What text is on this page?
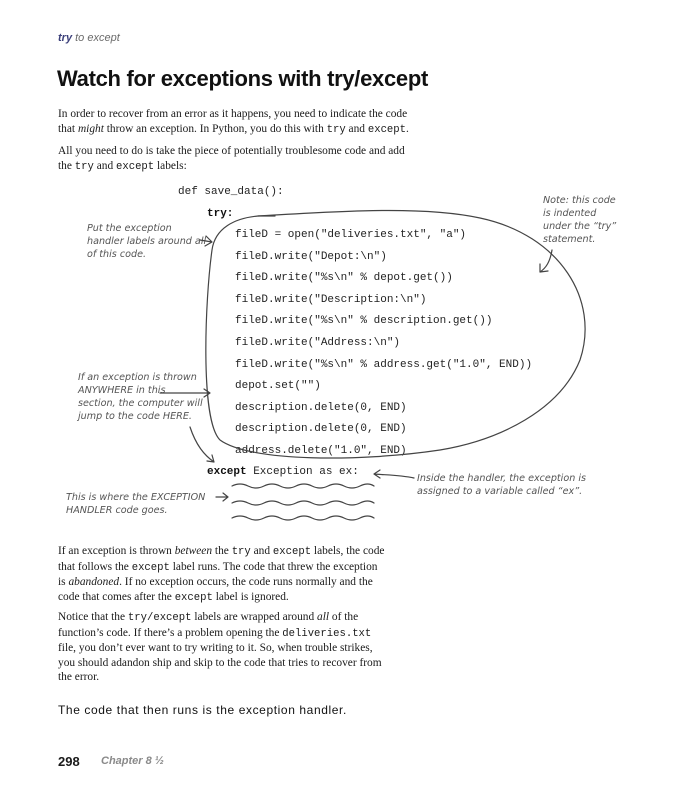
try to except
Watch for exceptions with try/except
In order to recover from an error as it happens, you need to indicate the code
that might throw an exception. In Python, you do this with try and except.
All you need to do is take the piece of potentially troublesome code and add
the try and except labels:
def save_data():
try:
fileD = open("deliveries.txt", "a")
fileD.write("Depot:\n")
fileD.write("%s\n" % depot.get())
fileD.write("Description:\n")
fileD.write("%s\n" % description.get())
fileD.write("Address:\n")
fileD.write("%s\n" % address.get("1.0", END))
depot.set("")
description.delete(0, END)
description.delete(0, END)
address.delete("1.0", END)
except Exception as ex:
Put the exception
handler labels around all
of this code.
Note: this code
is indented
under the “try”
statement.
If an exception is thrown
ANYWHERE in this
section, the computer will
jump to the code HERE.
Inside the handler, the exception is
assigned to a variable called “ex”.
This is where the EXCEPTION
HANDLER code goes.
If an exception is thrown between the try and except labels, the code
that follows the except label runs. The code that threw the exception
is abandoned. If no exception occurs, the code runs normally and the
code that comes after the except label is ignored.
Notice that the try/except labels are wrapped around all of the
function’s code. If there’s a problem opening the deliveries.txt
file, you don’t ever want to try writing to it. So, when trouble strikes,
you should adandon ship and skip to the code that tries to recover from
the error.
The code that then runs is the exception handler.
298 Chapter 8 ½
